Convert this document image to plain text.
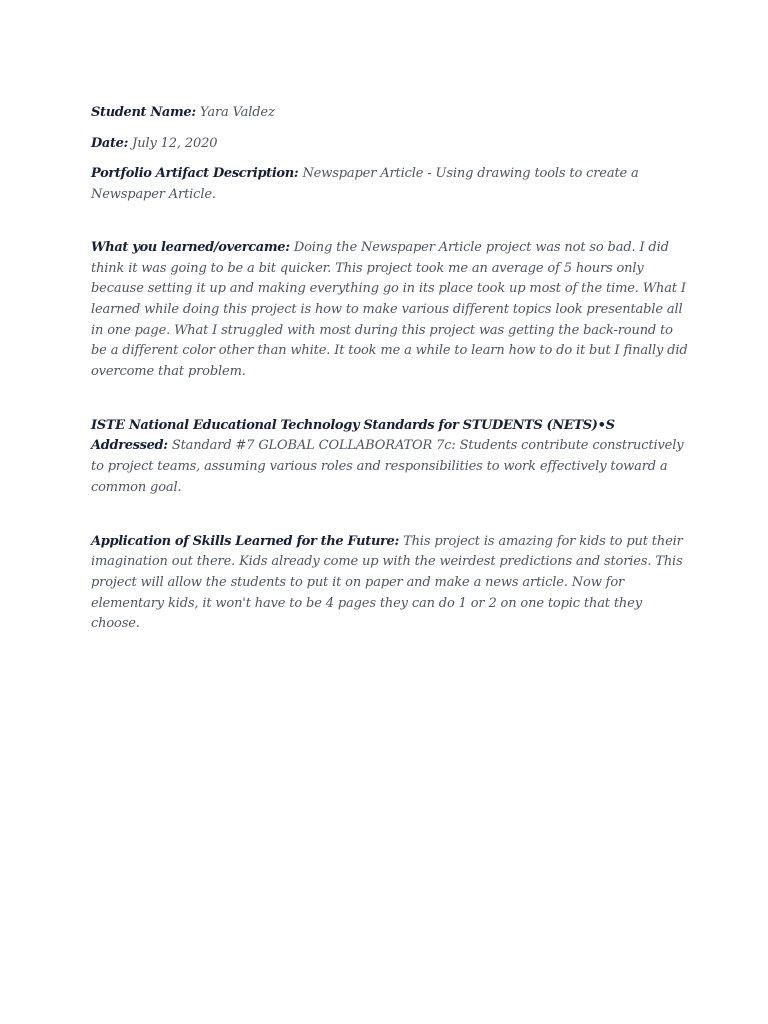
Student Name: Yara Valdez

Date: July 12, 2020

Portfolio Artifact Description: Newspaper Article - Using drawing tools to create a Newspaper Article.

What you learned/overcame: Doing the Newspaper Article project was not so bad. I did think it was going to be a bit quicker. This project took me an average of 5 hours only because setting it up and making everything go in its place took up most of the time. What I learned while doing this project is how to make various different topics look presentable all in one page. What I struggled with most during this project was getting the back-round to be a different color other than white. It took me a while to learn how to do it but I finally did overcome that problem.

ISTE National Educational Technology Standards for STUDENTS (NETS)•S
Addressed: Standard #7 GLOBAL COLLABORATOR 7c: Students contribute constructively to project teams, assuming various roles and responsibilities to work effectively toward a common goal.

Application of Skills Learned for the Future: This project is amazing for kids to put their imagination out there. Kids already come up with the weirdest predictions and stories. This project will allow the students to put it on paper and make a news article. Now for elementary kids, it won't have to be 4 pages they can do 1 or 2 on one topic that they choose.
